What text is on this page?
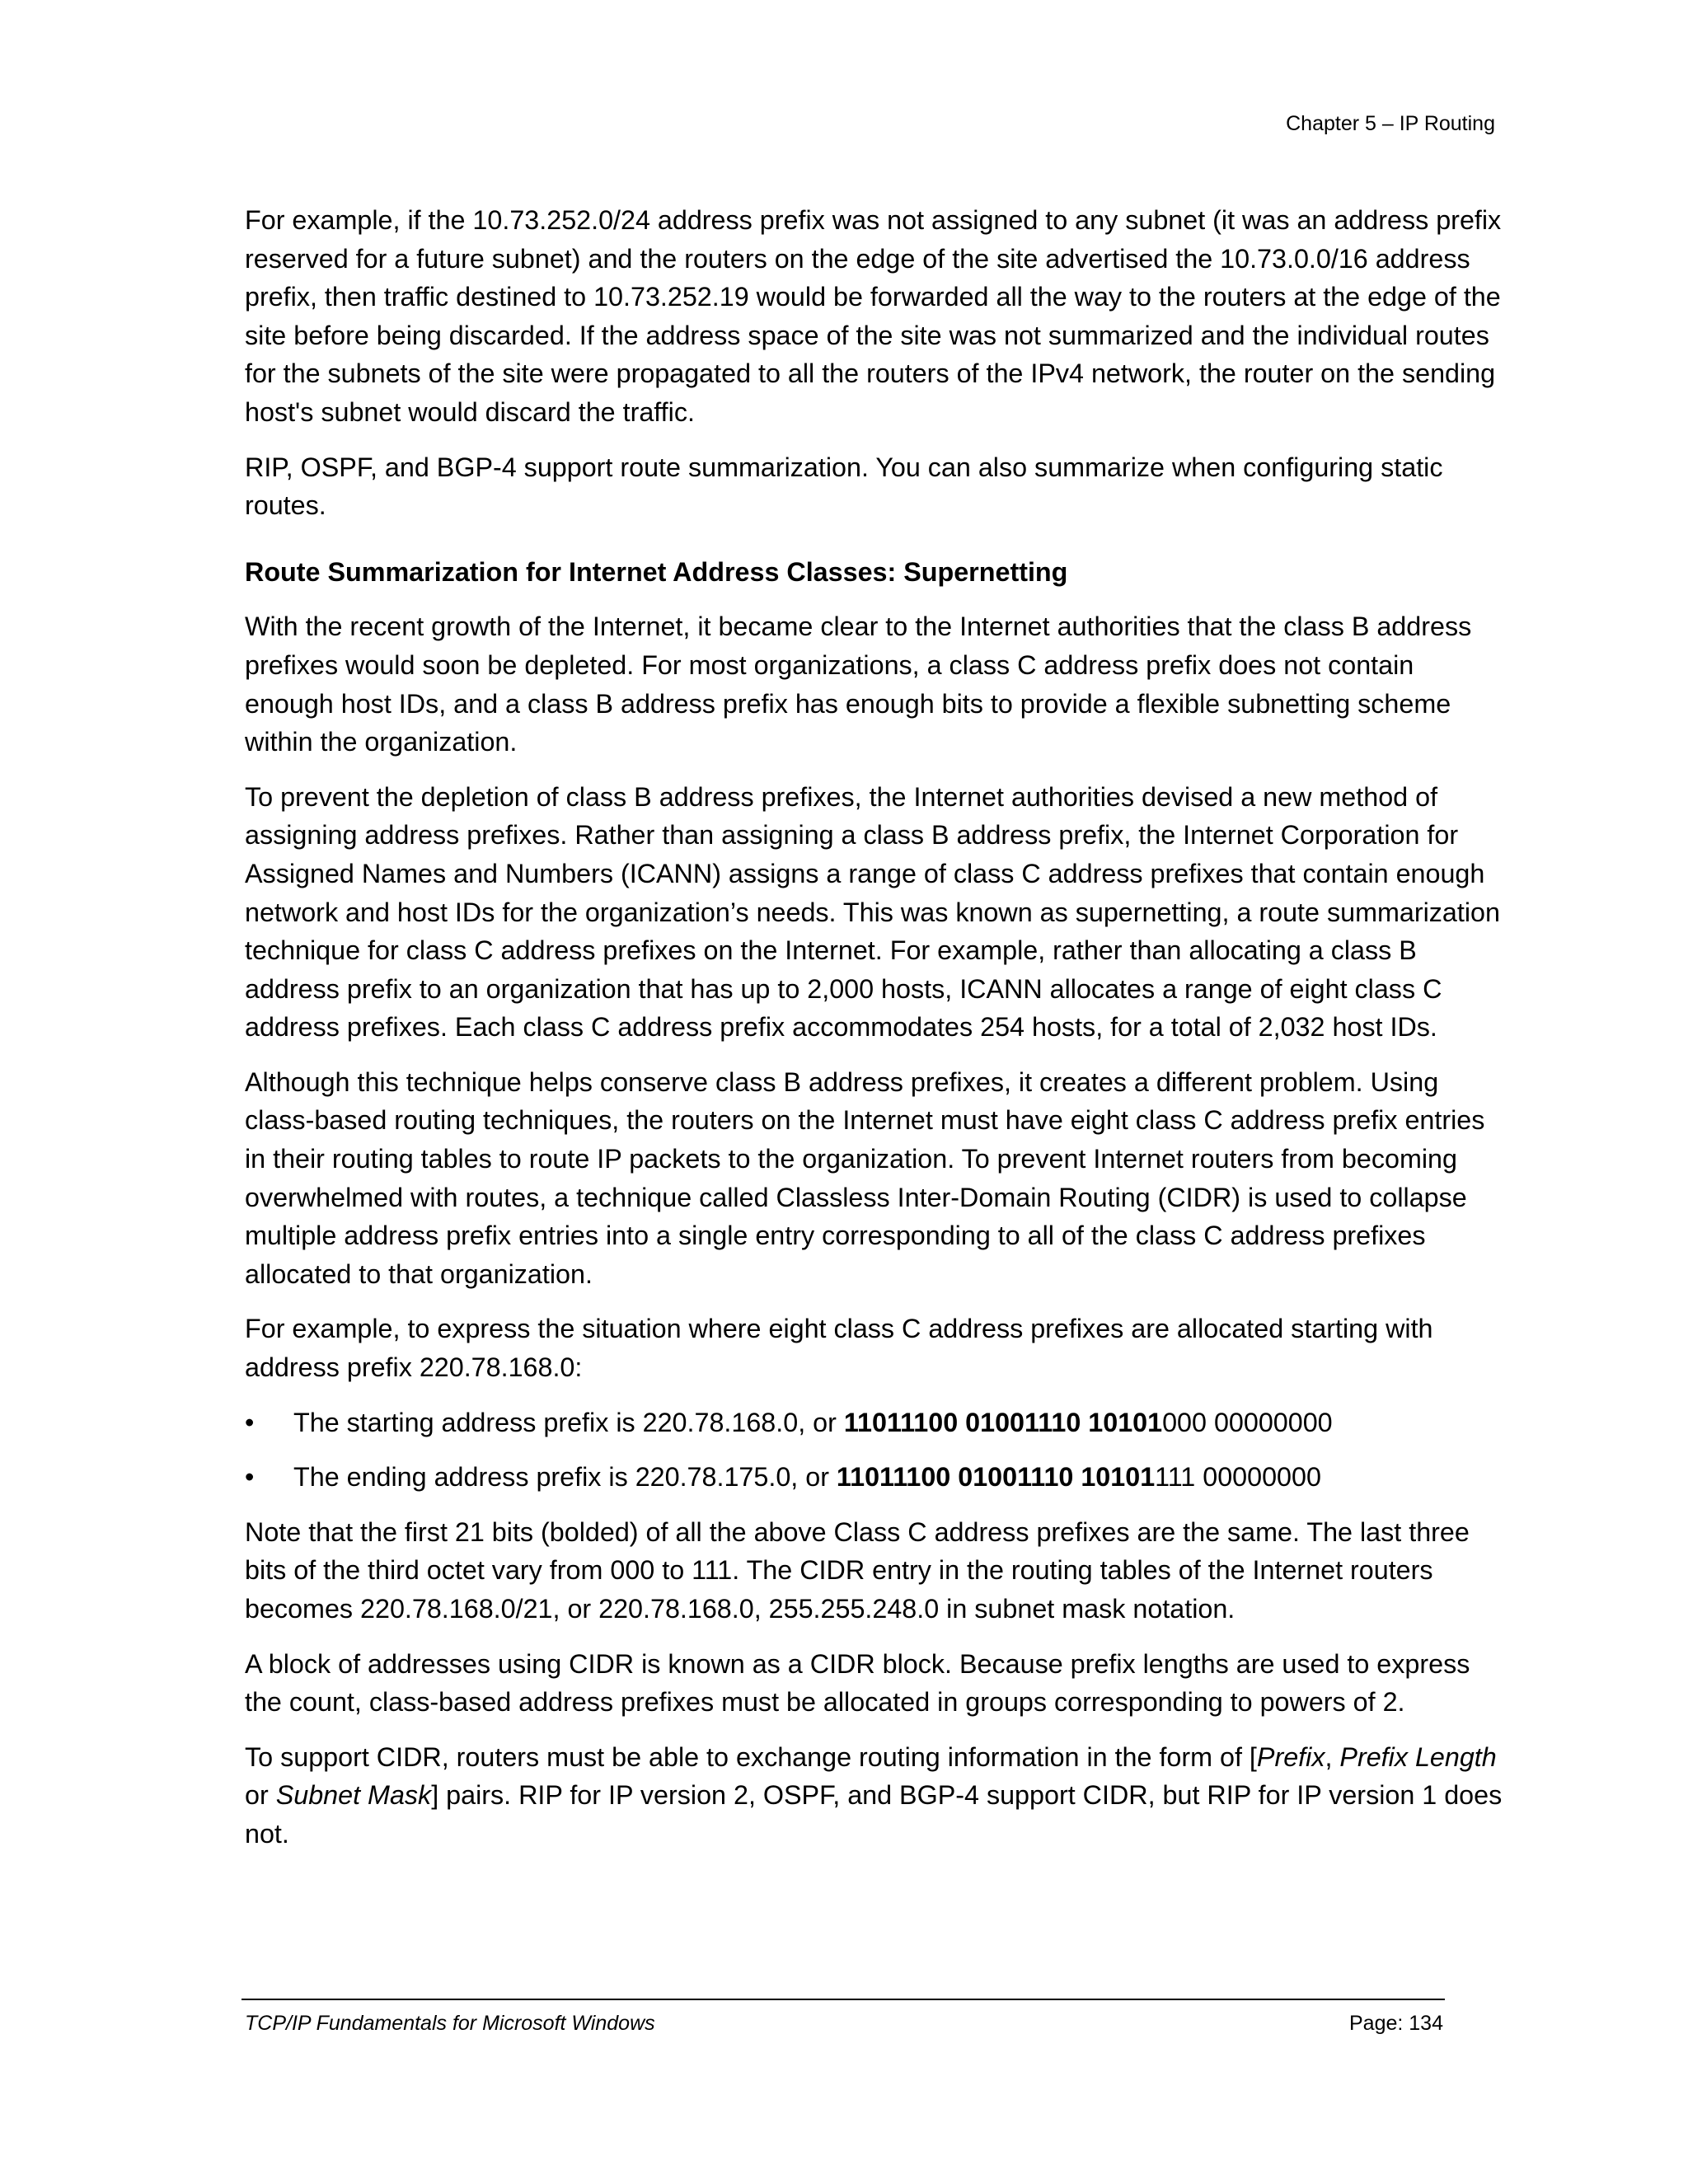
Chapter 5 – IP Routing

For example, if the 10.73.252.0/24 address prefix was not assigned to any subnet (it was an address prefix reserved for a future subnet) and the routers on the edge of the site advertised the 10.73.0.0/16 address prefix, then traffic destined to 10.73.252.19 would be forwarded all the way to the routers at the edge of the site before being discarded. If the address space of the site was not summarized and the individual routes for the subnets of the site were propagated to all the routers of the IPv4 network, the router on the sending host's subnet would discard the traffic.

RIP, OSPF, and BGP-4 support route summarization. You can also summarize when configuring static routes.

Route Summarization for Internet Address Classes: Supernetting

With the recent growth of the Internet, it became clear to the Internet authorities that the class B address prefixes would soon be depleted. For most organizations, a class C address prefix does not contain enough host IDs, and a class B address prefix has enough bits to provide a flexible subnetting scheme within the organization.

To prevent the depletion of class B address prefixes, the Internet authorities devised a new method of assigning address prefixes. Rather than assigning a class B address prefix, the Internet Corporation for Assigned Names and Numbers (ICANN) assigns a range of class C address prefixes that contain enough network and host IDs for the organization’s needs. This was known as supernetting, a route summarization technique for class C address prefixes on the Internet. For example, rather than allocating a class B address prefix to an organization that has up to 2,000 hosts, ICANN allocates a range of eight class C address prefixes. Each class C address prefix accommodates 254 hosts, for a total of 2,032 host IDs.

Although this technique helps conserve class B address prefixes, it creates a different problem. Using class-based routing techniques, the routers on the Internet must have eight class C address prefix entries in their routing tables to route IP packets to the organization. To prevent Internet routers from becoming overwhelmed with routes, a technique called Classless Inter-Domain Routing (CIDR) is used to collapse multiple address prefix entries into a single entry corresponding to all of the class C address prefixes allocated to that organization.

For example, to express the situation where eight class C address prefixes are allocated starting with address prefix 220.78.168.0:

• The starting address prefix is 220.78.168.0, or 11011100 01001110 10101000 00000000
• The ending address prefix is 220.78.175.0, or 11011100 01001110 10101111 00000000

Note that the first 21 bits (bolded) of all the above Class C address prefixes are the same. The last three bits of the third octet vary from 000 to 111. The CIDR entry in the routing tables of the Internet routers becomes 220.78.168.0/21, or 220.78.168.0, 255.255.248.0 in subnet mask notation.

A block of addresses using CIDR is known as a CIDR block. Because prefix lengths are used to express the count, class-based address prefixes must be allocated in groups corresponding to powers of 2.

To support CIDR, routers must be able to exchange routing information in the form of [Prefix, Prefix Length or Subnet Mask] pairs. RIP for IP version 2, OSPF, and BGP-4 support CIDR, but RIP for IP version 1 does not.

TCP/IP Fundamentals for Microsoft Windows	Page: 134
